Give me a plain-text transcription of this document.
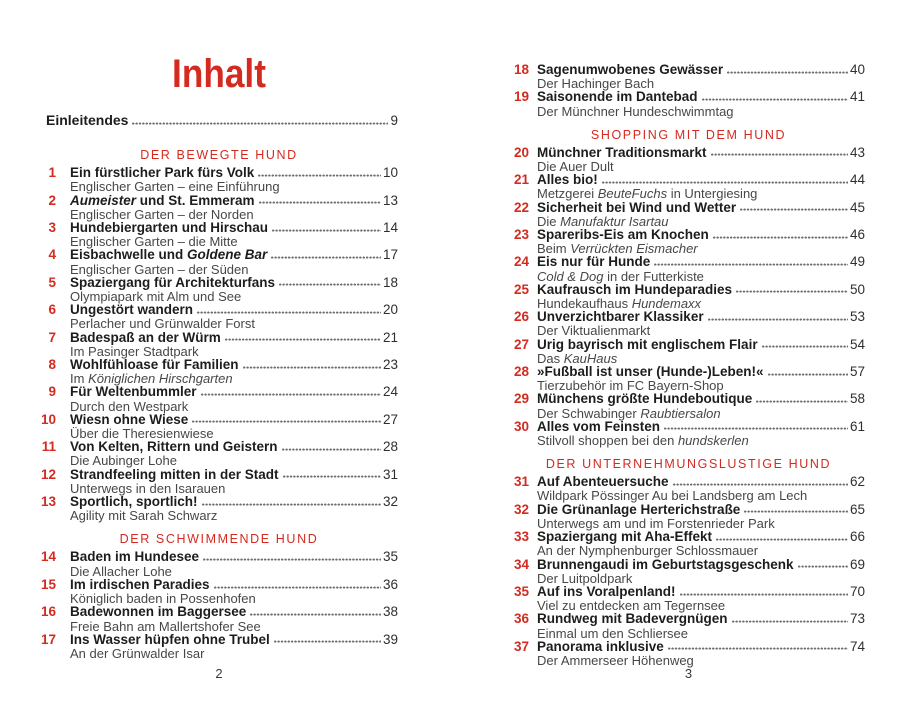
Inhalt
Einleitendes	9
DER BEWEGTE HUND
1 Ein fürstlicher Park fürs Volk	10
Englischer Garten – eine Einführung
2 Aumeister und St. Emmeram	13
Englischer Garten – der Norden
3 Hundebiergarten und Hirschau	14
Englischer Garten – die Mitte
4 Eisbachwelle und Goldene Bar	17
Englischer Garten – der Süden
5 Spaziergang für Architekturfans	18
Olympiapark mit Alm und See
6 Ungestört wandern	20
Perlacher und Grünwalder Forst
7 Badespaß an der Würm	21
Im Pasinger Stadtpark
8 Wohlfühloase für Familien	23
Im Königlichen Hirschgarten
9 Für Weltenbummler	24
Durch den Westpark
10 Wiesn ohne Wiese	27
Über die Theresienwiese
11 Von Kelten, Rittern und Geistern	28
Die Aubinger Lohe
12 Strandfeeling mitten in der Stadt	31
Unterwegs in den Isarauen
13 Sportlich, sportlich!	32
Agility mit Sarah Schwarz
DER SCHWIMMENDE HUND
14 Baden im Hundesee	35
Die Allacher Lohe
15 Im irdischen Paradies	36
Königlich baden in Possenhofen
16 Badewonnen im Baggersee	38
Freie Bahn am Mallertshofer See
17 Ins Wasser hüpfen ohne Trubel	39
An der Grünwalder Isar
2
18 Sagenumwobenes Gewässer	40
Der Hachinger Bach
19 Saisonende im Dantebad	41
Der Münchner Hundeschwimmtag
SHOPPING MIT DEM HUND
20 Münchner Traditionsmarkt	43
Die Auer Dult
21 Alles bio!	44
Metzgerei BeuteFuchs in Untergiesing
22 Sicherheit bei Wind und Wetter	45
Die Manufaktur Isartau
23 Spareribs-Eis am Knochen	46
Beim Verrückten Eismacher
24 Eis nur für Hunde	49
Cold & Dog in der Futterkiste
25 Kaufrausch im Hundeparadies	50
Hundekaufhaus Hundemaxx
26 Unverzichtbarer Klassiker	53
Der Viktualienmarkt
27 Urig bayrisch mit englischem Flair	54
Das KauHaus
28 »Fußball ist unser (Hunde-)Leben!«	57
Tierzubehör im FC Bayern-Shop
29 Münchens größte Hundeboutique	58
Der Schwabinger Raubtiersalon
30 Alles vom Feinsten	61
Stilvoll shoppen bei den hundskerlen
DER UNTERNEHMUNGSLUSTIGE HUND
31 Auf Abenteuersuche	62
Wildpark Pössinger Au bei Landsberg am Lech
32 Die Grünanlage Herterichstraße	65
Unterwegs am und im Forstenrieder Park
33 Spaziergang mit Aha-Effekt	66
An der Nymphenburger Schlossmauer
34 Brunnengaudi im Geburtstagsgeschenk	69
Der Luitpoldpark
35 Auf ins Voralpenland!	70
Viel zu entdecken am Tegernsee
36 Rundweg mit Badevergnügen	73
Einmal um den Schliersee
37 Panorama inklusive	74
Der Ammerseer Höhenweg
3
